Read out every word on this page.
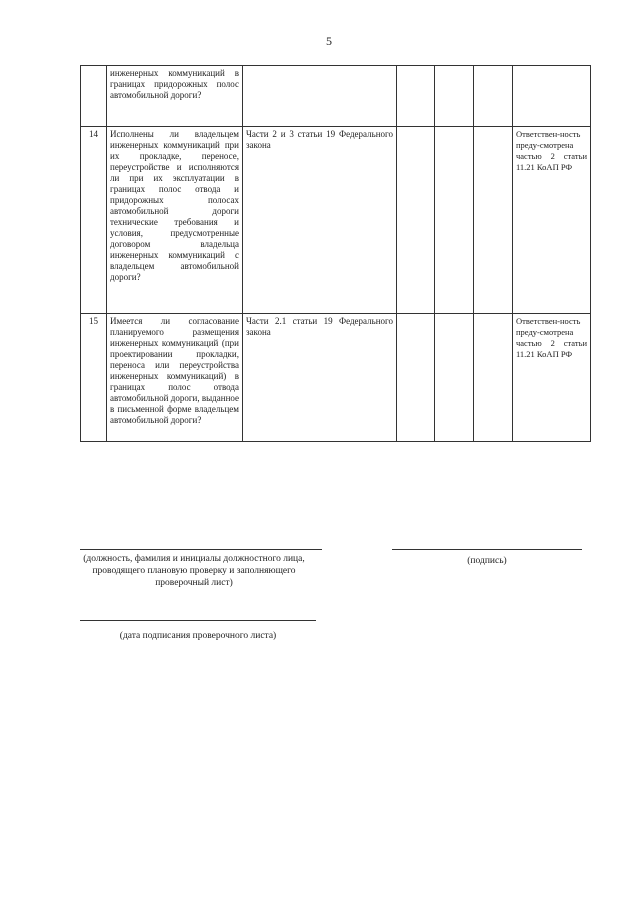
5
	инженерных коммуникаций в границах придорожных полос автомобильной дороги?					
14	Исполнены ли владельцем инженерных коммуникаций при их прокладке, переносе, переустройстве и исполняются ли при их эксплуатации в границах полос отвода и придорожных полосах автомобильной дороги технические требования и условия, предусмотренные договором владельца инженерных коммуникаций с владельцем автомобильной дороги?	Части 2 и 3 статьи 19 Федерального закона				Ответствен-ность преду-смотрена частью 2 статьи 11.21 КоАП РФ
15	Имеется ли согласование планируемого размещения инженерных коммуникаций (при проектировании прокладки, переноса или переустройства инженерных коммуникаций) в границах полос отвода автомобильной дороги, выданное в письменной форме владельцем автомобильной дороги?	Части 2.1 статьи 19 Федерального закона				Ответствен-ность преду-смотрена частью 2 статьи 11.21 КоАП РФ
(должность, фамилия и инициалы должностного лица, проводящего плановую проверку и заполняющего проверочный лист)
(подпись)
(дата подписания проверочного листа)
